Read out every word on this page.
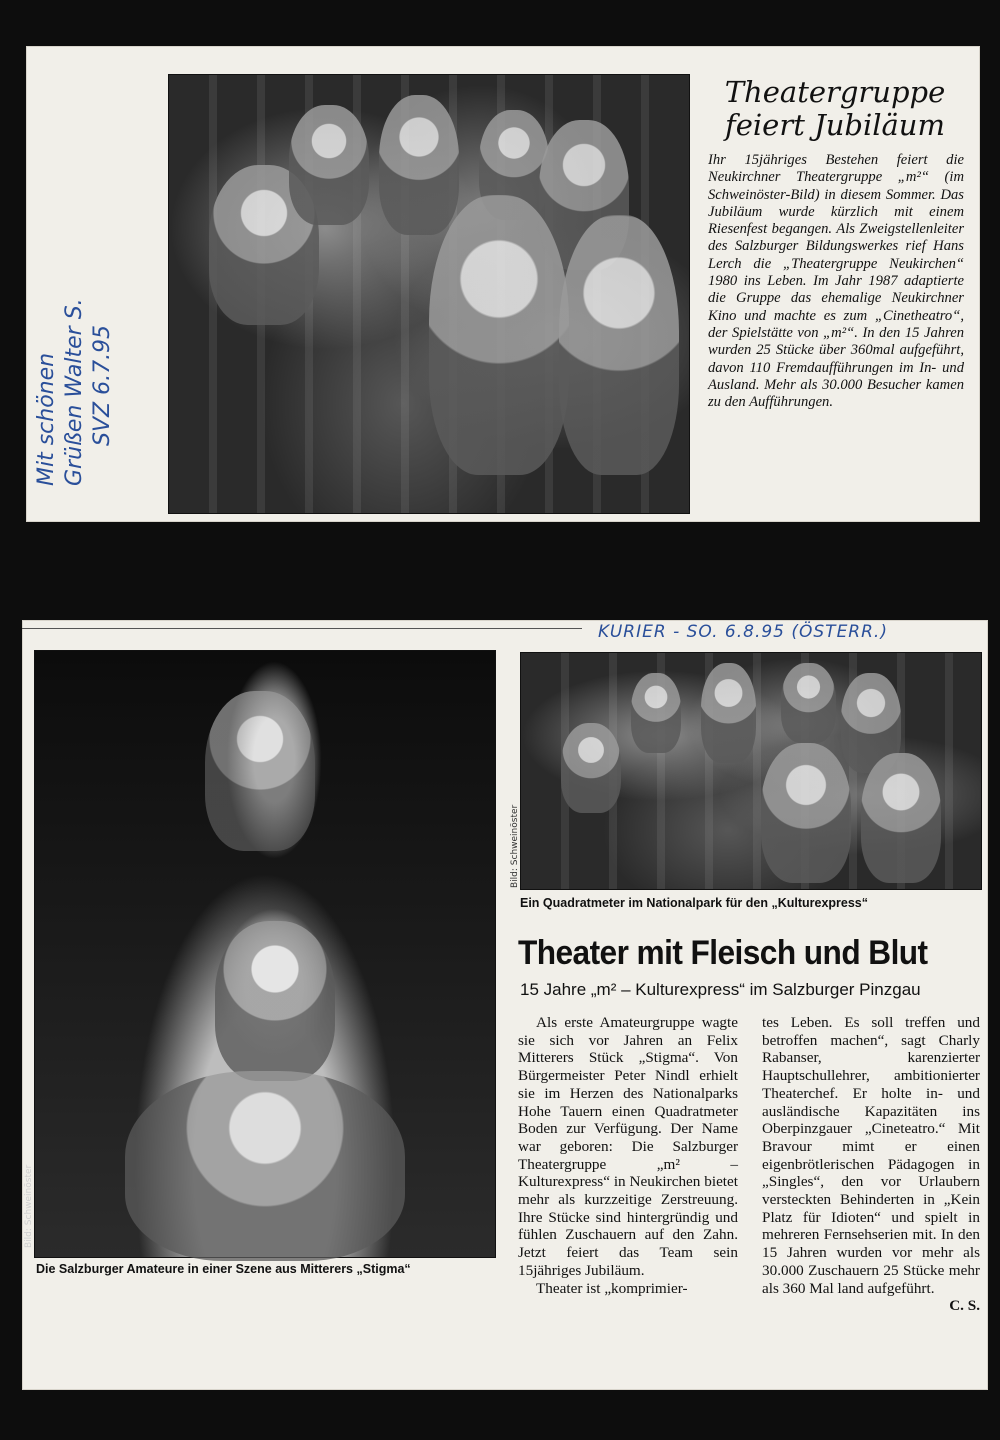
Mit schönen Grüßen Walter S. SVZ 6.7.95
Theatergruppe
feiert Jubiläum
Ihr 15jähriges Bestehen feiert die Neukirchner Theatergruppe „m²“ (im Schweinöster-Bild) in diesem Sommer. Das Jubiläum wurde kürzlich mit einem Riesenfest begangen. Als Zweigstellenleiter des Salzburger Bildungswerkes rief Hans Lerch die „Theatergruppe Neukirchen“ 1980 ins Leben. Im Jahr 1987 adaptierte die Gruppe das ehemalige Neukirchner Kino und machte es zum „Cinetheatro“, der Spielstätte von „m²“. In den 15 Jahren wurden 25 Stücke über 360mal aufgeführt, davon 110 Fremdaufführungen im In- und Ausland. Mehr als 30.000 Besucher kamen zu den Aufführungen.
KURIER - SO. 6.8.95 (ÖSTERR.)
Bild: Schweinöster
Bild: Schweinöster
Ein Quadratmeter im Nationalpark für den „Kulturexpress“
Die Salzburger Amateure in einer Szene aus Mitterers „Stigma“
Theater mit Fleisch und Blut
15 Jahre „m² – Kulturexpress“ im Salzburger Pinzgau
Als erste Amateurgruppe wagte sie sich vor Jahren an Felix Mitterers Stück „Stigma“. Von Bürgermeister Peter Nindl erhielt sie im Herzen des Nationalparks Hohe Tauern einen Quadratmeter Boden zur Verfügung. Der Name war geboren: Die Salzburger Theatergruppe „m² – Kulturexpress“ in Neukirchen bietet mehr als kurzzeitige Zerstreuung. Ihre Stücke sind hintergründig und fühlen Zuschauern auf den Zahn. Jetzt feiert das Team sein 15jähriges Jubiläum.
Theater ist „komprimier-
tes Leben. Es soll treffen und betroffen machen“, sagt Charly Rabanser, karenzierter Hauptschullehrer, ambitionierter Theaterchef. Er holte in- und ausländische Kapazitäten ins Oberpinzgauer „Cineteatro.“ Mit Bravour mimt er einen eigenbrötlerischen Pädagogen in „Singles“, den vor Urlaubern versteckten Behinderten in „Kein Platz für Idioten“ und spielt in mehreren Fernsehserien mit. In den 15 Jahren wurden vor mehr als 30.000 Zuschauern 25 Stücke mehr als 360 Mal land aufgeführt.
C. S.
